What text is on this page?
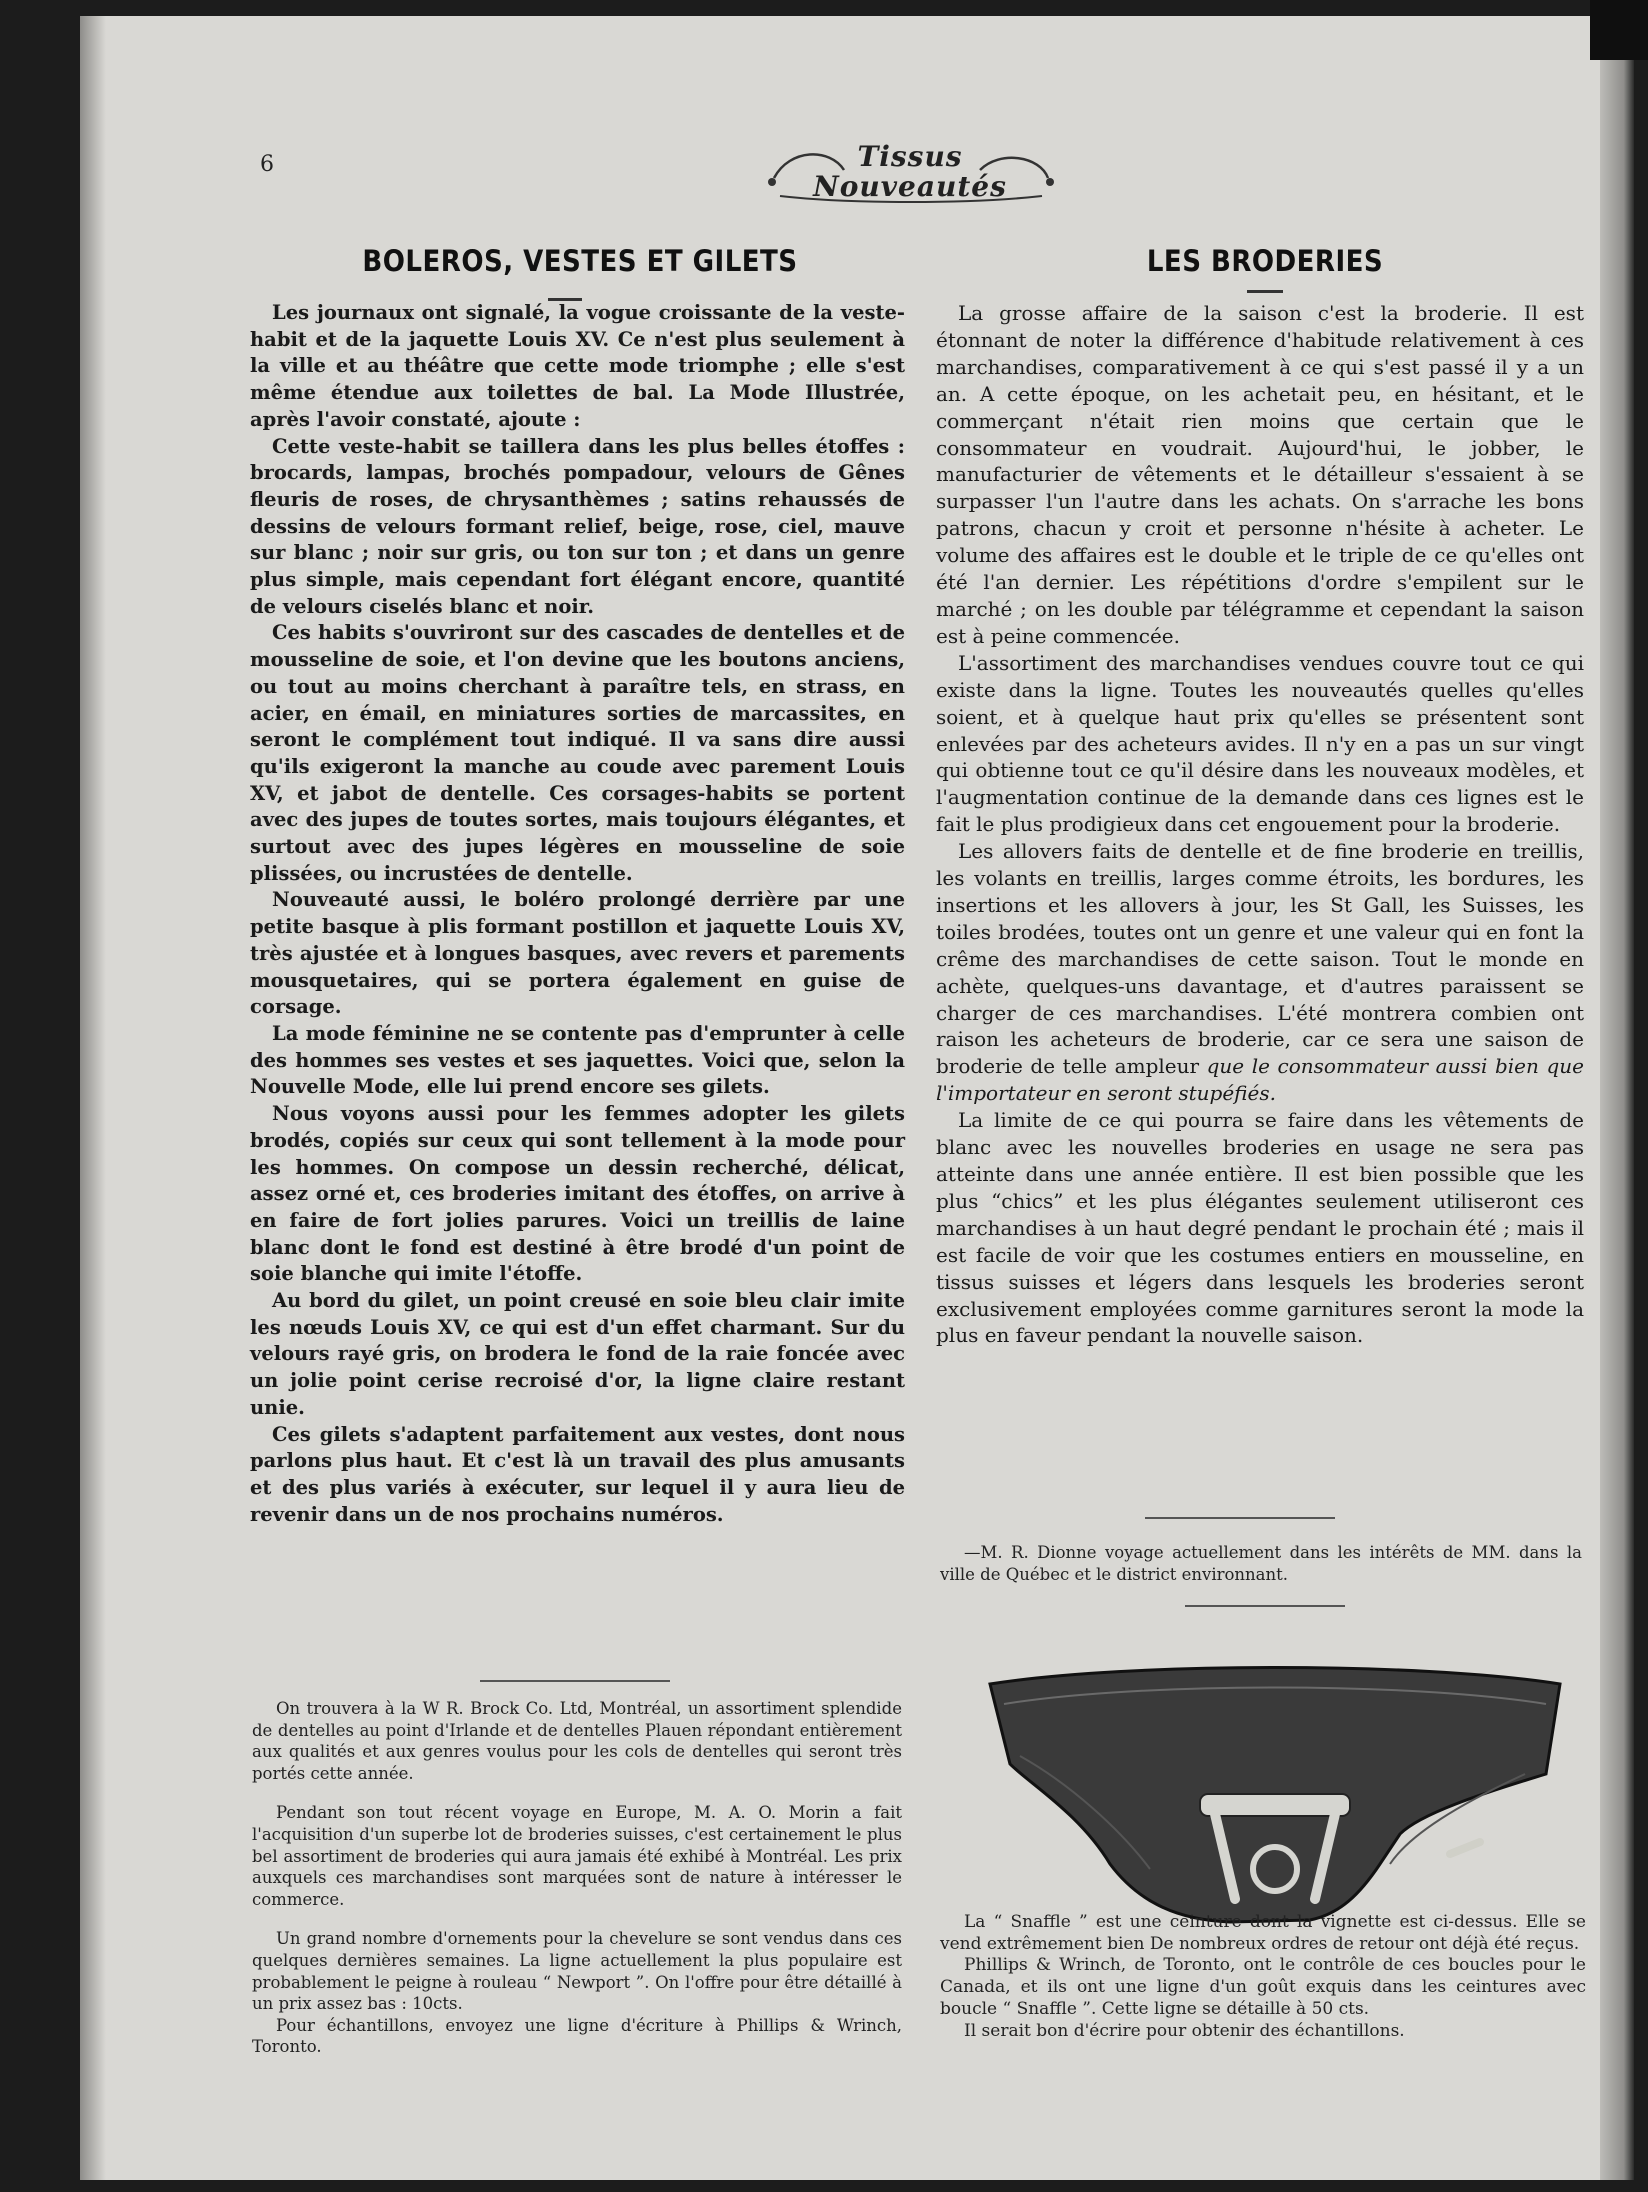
6	Tissus
Nouveautés
BOLEROS, VESTES ET GILETS	LES BRODERIES

Les journaux ont signalé, la vogue croissante de la veste-habit et de la jaquette Louis XV. Ce n'est plus seulement à la ville et au théâtre que cette mode triomphe ; elle s'est même étendue aux toilettes de bal. La Mode Illustrée, après l'avoir constaté, ajoute :

Cette veste-habit se taillera dans les plus belles étoffes : brocards, lampas, brochés pompadour, velours de Gênes fleuris de roses, de chrysanthèmes ; satins rehaussés de dessins de velours formant relief, beige, rose, ciel, mauve sur blanc ; noir sur gris, ou ton sur ton ; et dans un genre plus simple, mais cependant fort élégant encore, quantité de velours ciselés blanc et noir.

Ces habits s'ouvriront sur des cascades de dentelles et de mousseline de soie, et l'on devine que les boutons anciens, ou tout au moins cherchant à paraître tels, en strass, en acier, en émail, en miniatures sorties de marcassites, en seront le complément tout indiqué. Il va sans dire aussi qu'ils exigeront la manche au coude avec parement Louis XV, et jabot de dentelle. Ces corsages-habits se portent avec des jupes de toutes sortes, mais toujours élégantes, et surtout avec des jupes légères en mousseline de soie plissées, ou incrustées de dentelle.

Nouveauté aussi, le boléro prolongé derrière par une petite basque à plis formant postillon et jaquette Louis XV, très ajustée et à longues basques, avec revers et parements mousquetaires, qui se portera également en guise de corsage.

La mode féminine ne se contente pas d'emprunter à celle des hommes ses vestes et ses jaquettes. Voici que, selon la Nouvelle Mode, elle lui prend encore ses gilets.

Nous voyons aussi pour les femmes adopter les gilets brodés, copiés sur ceux qui sont tellement à la mode pour les hommes. On compose un dessin recherché, délicat, assez orné et, ces broderies imitant des étoffes, on arrive à en faire de fort jolies parures. Voici un treillis de laine blanc dont le fond est destiné à être brodé d'un point de soie blanche qui imite l'étoffe.

Au bord du gilet, un point creusé en soie bleu clair imite les nœuds Louis XV, ce qui est d'un effet charmant. Sur du velours rayé gris, on brodera le fond de la raie foncée avec un jolie point cerise recroisé d'or, la ligne claire restant unie.

Ces gilets s'adaptent parfaitement aux vestes, dont nous parlons plus haut. Et c'est là un travail des plus amusants et des plus variés à exécuter, sur lequel il y aura lieu de revenir dans un de nos prochains numéros.

On trouvera à la W R. Brock Co. Ltd, Montréal, un assortiment splendide de dentelles au point d'Irlande et de dentelles Plauen répondant entièrement aux qualités et aux genres voulus pour les cols de dentelles qui seront très portés cette année.

Pendant son tout récent voyage en Europe, M. A. O. Morin a fait l'acquisition d'un superbe lot de broderies suisses, c'est certainement le plus bel assortiment de broderies qui aura jamais été exhibé à Montréal. Les prix auxquels ces marchandises sont marquées sont de nature à intéresser le commerce.

Un grand nombre d'ornements pour la chevelure se sont vendus dans ces quelques dernières semaines. La ligne actuellement la plus populaire est probablement le peigne à rouleau “ Newport ”. On l'offre pour être détaillé à un prix assez bas : 10cts.

Pour échantillons, envoyez une ligne d'écriture à Phillips & Wrinch, Toronto.

La grosse affaire de la saison c'est la broderie. Il est étonnant de noter la différence d'habitude relativement à ces marchandises, comparativement à ce qui s'est passé il y a un an. A cette époque, on les achetait peu, en hésitant, et le commerçant n'était rien moins que certain que le consommateur en voudrait. Aujourd'hui, le jobber, le manufacturier de vêtements et le détailleur s'essaient à se surpasser l'un l'autre dans les achats. On s'arrache les bons patrons, chacun y croit et personne n'hésite à acheter. Le volume des affaires est le double et le triple de ce qu'elles ont été l'an dernier. Les répétitions d'ordre s'empilent sur le marché ; on les double par télégramme et cependant la saison est à peine commencée.

L'assortiment des marchandises vendues couvre tout ce qui existe dans la ligne. Toutes les nouveautés quelles qu'elles soient, et à quelque haut prix qu'elles se présentent sont enlevées par des acheteurs avides. Il n'y en a pas un sur vingt qui obtienne tout ce qu'il désire dans les nouveaux modèles, et l'augmentation continue de la demande dans ces lignes est le fait le plus prodigieux dans cet engouement pour la broderie.

Les allovers faits de dentelle et de fine broderie en treillis, les volants en treillis, larges comme étroits, les bordures, les insertions et les allovers à jour, les St Gall, les Suisses, les toiles brodées, toutes ont un genre et une valeur qui en font la crême des marchandises de cette saison. Tout le monde en achète, quelques-uns davantage, et d'autres paraissent se charger de ces marchandises. L'été montrera combien ont raison les acheteurs de broderie, car ce sera une saison de broderie de telle ampleur que le consommateur aussi bien que l'importateur en seront stupéfiés.

La limite de ce qui pourra se faire dans les vêtements de blanc avec les nouvelles broderies en usage ne sera pas atteinte dans une année entière. Il est bien possible que les plus “chics” et les plus élégantes seulement utiliseront ces marchandises à un haut degré pendant le prochain été ; mais il est facile de voir que les costumes entiers en mousseline, en tissus suisses et légers dans lesquels les broderies seront exclusivement employées comme garnitures seront la mode la plus en faveur pendant la nouvelle saison.

—M. R. Dionne voyage actuellement dans les intérêts de MM. dans la ville de Québec et le district environnant.

La “ Snaffle ” est une ceinture dont la vignette est ci-dessus. Elle se vend extrêmement bien De nombreux ordres de retour ont déjà été reçus.

Phillips & Wrinch, de Toronto, ont le contrôle de ces boucles pour le Canada, et ils ont une ligne d'un goût exquis dans les ceintures avec boucle “ Snaffle ”. Cette ligne se détaille à 50 cts.

Il serait bon d'écrire pour obtenir des échantillons.
